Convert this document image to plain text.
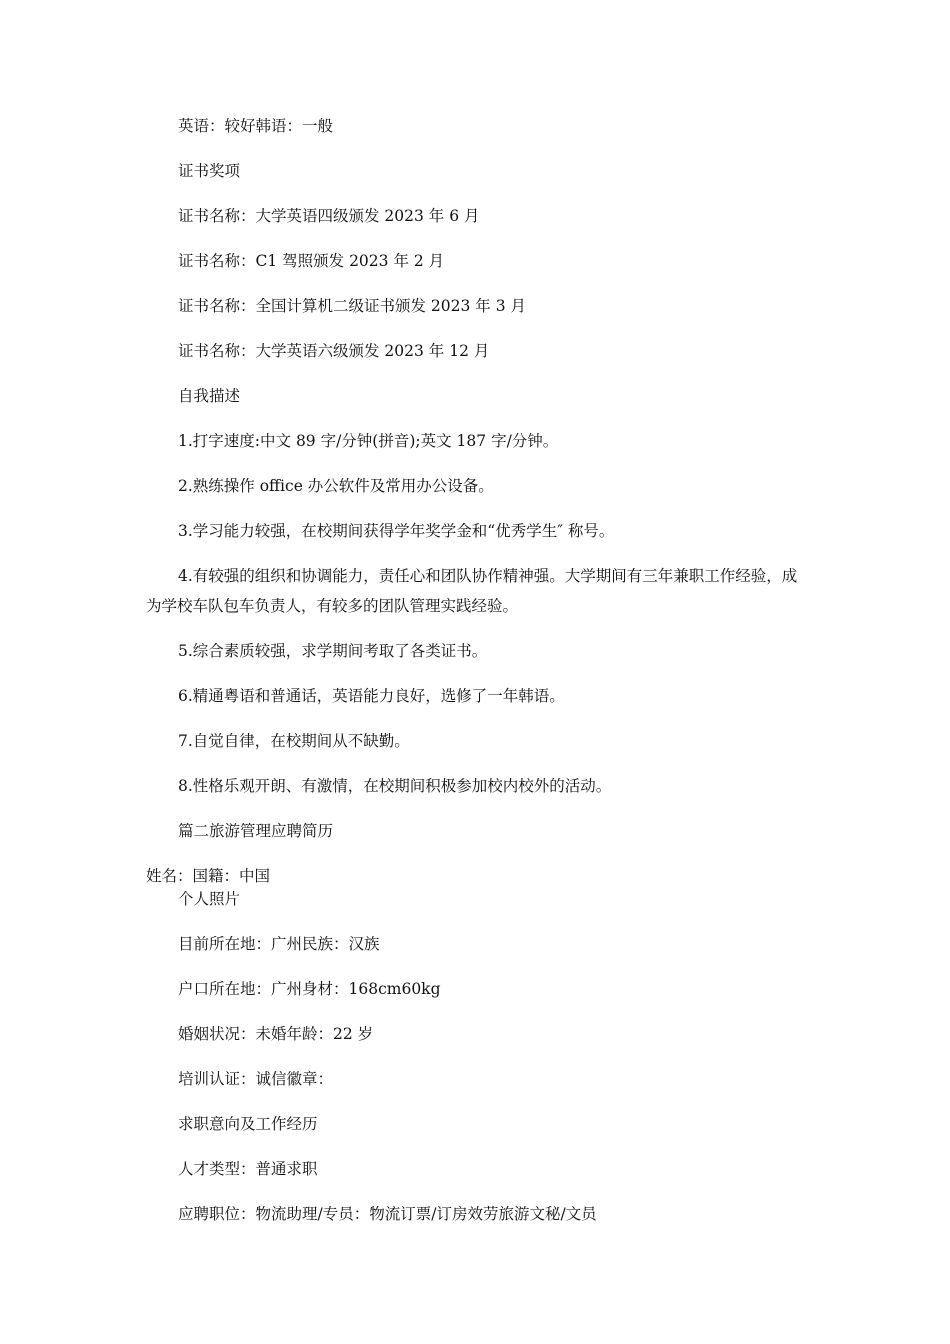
英语：较好韩语：一般

证书奖项

证书名称：大学英语四级颁发 2023 年 6 月

证书名称：C1 驾照颁发 2023 年 2 月

证书名称：全国计算机二级证书颁发 2023 年 3 月

证书名称：大学英语六级颁发 2023 年 12 月

自我描述

1.打字速度:中文 89 字/分钟(拼音);英文 187 字/分钟。

2.熟练操作 office 办公软件及常用办公设备。

3.学习能力较强，在校期间获得学年奖学金和“优秀学生″ 称号。

4.有较强的组织和协调能力，责任心和团队协作精神强。大学期间有三年兼职工作经验，成为学校车队包车负责人，有较多的团队管理实践经验。

5.综合素质较强，求学期间考取了各类证书。

6.精通粤语和普通话，英语能力良好，选修了一年韩语。

7.自觉自律，在校期间从不缺勤。

8.性格乐观开朗、有激情，在校期间积极参加校内校外的活动。

篇二旅游管理应聘简历

姓名：国籍：中国

个人照片

目前所在地：广州民族：汉族

户口所在地：广州身材：168cm60kg

婚姻状况：未婚年龄：22 岁

培训认证：诚信徽章：

求职意向及工作经历

人才类型：普通求职

应聘职位：物流助理/专员：物流订票/订房效劳旅游文秘/文员
